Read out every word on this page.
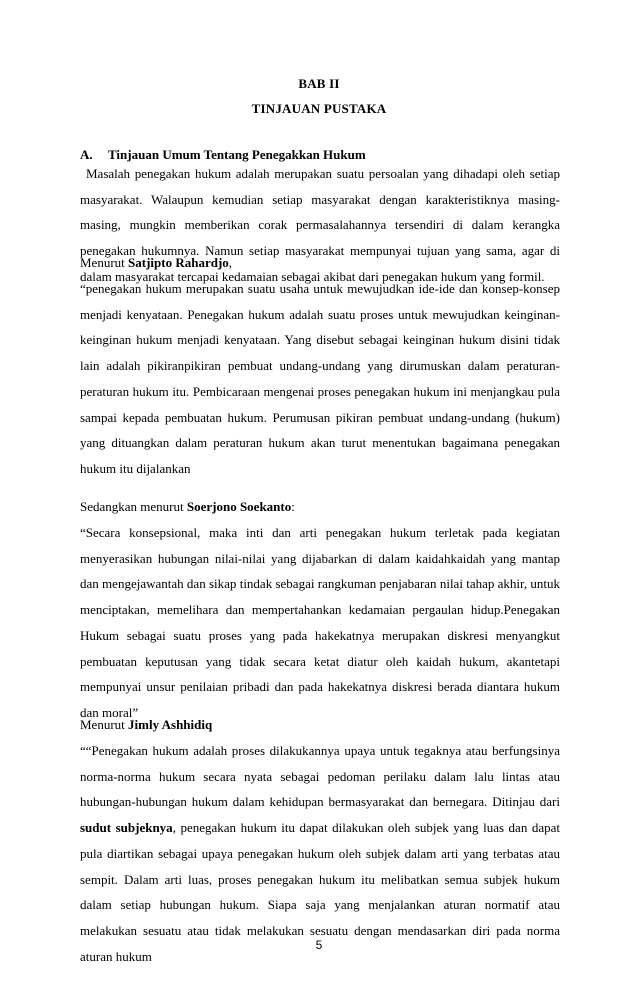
BAB II
TINJAUAN PUSTAKA
A. Tinjauan Umum Tentang Penegakkan Hukum
Masalah penegakan hukum adalah merupakan suatu persoalan yang dihadapi oleh setiap masyarakat. Walaupun kemudian setiap masyarakat dengan karakteristiknya masing-masing, mungkin memberikan corak permasalahannya tersendiri di dalam kerangka penegakan hukumnya. Namun setiap masyarakat mempunyai tujuan yang sama, agar di dalam masyarakat tercapai kedamaian sebagai akibat dari penegakan hukum yang formil.
Menurut Satjipto Rahardjo,
“penegakan hukum merupakan suatu usaha untuk mewujudkan ide-ide dan konsep-konsep menjadi kenyataan. Penegakan hukum adalah suatu proses untuk mewujudkan keinginan-keinginan hukum menjadi kenyataan. Yang disebut sebagai keinginan hukum disini tidak lain adalah pikiranpikiran pembuat undang-undang yang dirumuskan dalam peraturan- peraturan hukum itu. Pembicaraan mengenai proses penegakan hukum ini menjangkau pula sampai kepada pembuatan hukum. Perumusan pikiran pembuat undang-undang (hukum) yang dituangkan dalam peraturan hukum akan turut menentukan bagaimana penegakan hukum itu dijalankan
Sedangkan menurut Soerjono Soekanto:
“Secara konsepsional, maka inti dan arti penegakan hukum terletak pada kegiatan menyerasikan hubungan nilai-nilai yang dijabarkan di dalam kaidahkaidah yang mantap dan mengejawantah dan sikap tindak sebagai rangkuman penjabaran nilai tahap akhir, untuk menciptakan, memelihara dan mempertahankan kedamaian pergaulan hidup.Penegakan Hukum sebagai suatu proses yang pada hakekatnya merupakan diskresi menyangkut pembuatan keputusan yang tidak secara ketat diatur oleh kaidah hukum, akantetapi mempunyai unsur penilaian pribadi dan pada hakekatnya diskresi berada diantara hukum dan moral”
Menurut Jimly Ashhidiq
““Penegakan hukum adalah proses dilakukannya upaya untuk tegaknya atau berfungsinya norma-norma hukum secara nyata sebagai pedoman perilaku dalam lalu lintas atau hubungan-hubungan hukum dalam kehidupan bermasyarakat dan bernegara. Ditinjau dari sudut subjeknya, penegakan hukum itu dapat dilakukan oleh subjek yang luas dan dapat pula diartikan sebagai upaya penegakan hukum oleh subjek dalam arti yang terbatas atau sempit. Dalam arti luas, proses penegakan hukum itu melibatkan semua subjek hukum dalam setiap hubungan hukum. Siapa saja yang menjalankan aturan normatif atau melakukan sesuatu atau tidak melakukan sesuatu dengan mendasarkan diri pada norma aturan hukum
5
